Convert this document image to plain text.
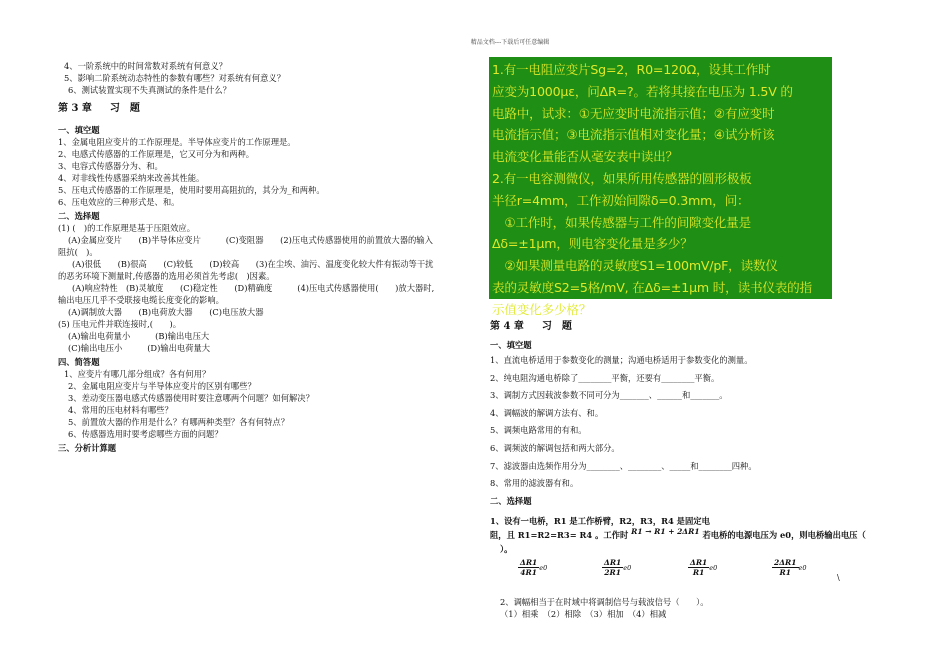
精品文档---下载后可任意编辑
4、一阶系统中的时间常数对系统有何意义？
5、影响二阶系统动态特性的参数有哪些？对系统有何意义？
6、测试装置实现不失真测试的条件是什么？
第 3 章 习　题
一、填空题
1、金属电阻应变片的工作原理是。半导体应变片的工作原理是。
2、电感式传感器的工作原理是，它又可分为和两种。
3、电容式传感器分为、和。
4、对非线性传感器采纳来改善其性能。
5、压电式传感器的工作原理是，使用时要用高阻抗的，其分为_和两种。
6、压电效应的三种形式是、和。
二、选择题
(1) (　)的工作原理是基于压阻效应。
(A)金属应变片　　(B)半导体应变片　　　(C)变阻器　　(2)压电式传感器使用的前置放大器的输入
阻抗(　)。
(A)很低　　(B)很高　　(C)较低　　(D)较高　　(3)在尘埃、油污、温度变化较大件有振动等干扰
的恶劣环境下测量时,传感器的选用必须首先考虑(　)因素。
(A)响应特性　(B)灵敏度　　(C)稳定性　　(D)精确度　　　(4)压电式传感器使用(　　)放大器时,
输出电压几乎不受联接电缆长度变化的影响。
(A)调制放大器　　(B)电荷放大器　　(C)电压放大器
(5) 压电元件并联连接时,(　　)。
(A)输出电荷量小　　　(B)输出电压大
(C)输出电压小　　　(D)输出电荷量大
四、简答题
1、应变片有哪几部分组成？各有何用？
2、金属电阻应变片与半导体应变片的区别有哪些？
3、差动变压器电感式传感器使用时要注意哪两个问题？如何解决？
4、常用的压电材料有哪些？
5、前置放大器的作用是什么？有哪两种类型？各有何特点？
6、传感器选用时要考虑哪些方面的问题？
三、分析计算题
1.有一电阻应变片Sg=2，R0=120Ω，设其工作时
应变为1000με，问ΔR=?。若将其接在电压为 1.5V 的
电路中，试求：①无应变时电流指示值；②有应变时
电流指示值；③电流指示值相对变化量；④试分析该
电流变化量能否从毫安表中读出？
2.有一电容测微仪，如果所用传感器的圆形极板
半径r=4mm，工作初始间隙δ=0.3mm，问：
　①工作时，如果传感器与工件的间隙变化量是
Δδ=±1μm，则电容变化量是多少？
　②如果测量电路的灵敏度S1=100mV/pF，读数仪
表的灵敏度S2=5格/mV, 在Δδ=±1μm 时，读书仪表的指
示值变化多少格？
第 4 章 习　题
一、填空题
1、直流电桥适用于参数变化的测量；沟通电桥适用于参数变化的测量。
2、纯电阻沟通电桥除了________平衡，还要有________平衡。
3、调制方式因载波参数不同可分为_______、______和_______。
4、调幅波的解调方法有、和。
5、调频电路常用的有和。
6、调频波的解调包括和两大部分。
7、滤波器由选频作用分为________、________、_____和________四种。
8、常用的滤波器有和。
二、选择题
1、设有一电桥，R1 是工作桥臂，R2，R3，R4 是固定电
阻，且 R1=R2=R3= R4 。工作时 R1 → R1 + 2ΔR1 若电桥的电源电压为 e0，则电桥输出电压（
）。
$\frac{\Delta R1}{4R1} e0$	$\frac{\Delta R1}{2R1} e0$	$\frac{\Delta R1}{R1} e0$	$\frac{2\Delta R1}{R1} e0$
2、调幅相当于在时域中将调制信号与载波信号（　　）。
（1）相乘　（2）相除　（3）相加　（4）相减
\
